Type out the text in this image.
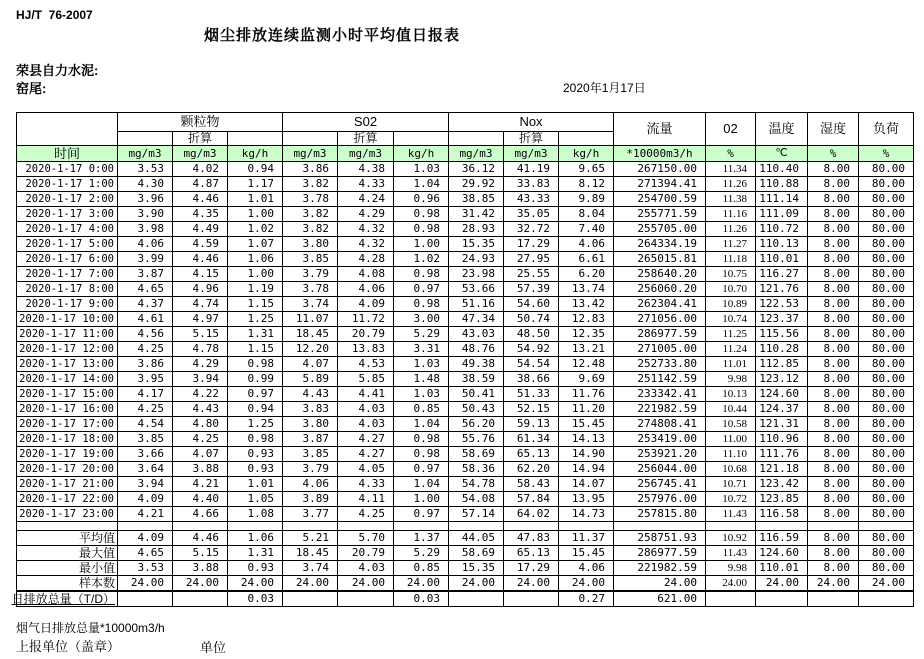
HJ/T  76-2007
烟尘排放连续监测小时平均值日报表
荣县自力水泥:
窑尾:	2020年1月17日
	颗粒物			S02			Nox			流量	02	温度	湿度	负荷
		折算			折算			折算						
时间	mg/m3	mg/m3	kg/h	mg/m3	mg/m3	kg/h	mg/m3	mg/m3	kg/h	*10000m3/h	%	℃	%	%
2020-1-17 0:00	3.53	4.02	0.94	3.86	4.38	1.03	36.12	41.19	9.65	267150.00	11.34	110.40	8.00	80.00
2020-1-17 1:00	4.30	4.87	1.17	3.82	4.33	1.04	29.92	33.83	8.12	271394.41	11.26	110.88	8.00	80.00
2020-1-17 2:00	3.96	4.46	1.01	3.78	4.24	0.96	38.85	43.33	9.89	254700.59	11.38	111.14	8.00	80.00
2020-1-17 3:00	3.90	4.35	1.00	3.82	4.29	0.98	31.42	35.05	8.04	255771.59	11.16	111.09	8.00	80.00
2020-1-17 4:00	3.98	4.49	1.02	3.82	4.32	0.98	28.93	32.72	7.40	255705.00	11.26	110.72	8.00	80.00
2020-1-17 5:00	4.06	4.59	1.07	3.80	4.32	1.00	15.35	17.29	4.06	264334.19	11.27	110.13	8.00	80.00
2020-1-17 6:00	3.99	4.46	1.06	3.85	4.28	1.02	24.93	27.95	6.61	265015.81	11.18	110.01	8.00	80.00
2020-1-17 7:00	3.87	4.15	1.00	3.79	4.08	0.98	23.98	25.55	6.20	258640.20	10.75	116.27	8.00	80.00
2020-1-17 8:00	4.65	4.96	1.19	3.78	4.06	0.97	53.66	57.39	13.74	256060.20	10.70	121.76	8.00	80.00
2020-1-17 9:00	4.37	4.74	1.15	3.74	4.09	0.98	51.16	54.60	13.42	262304.41	10.89	122.53	8.00	80.00
2020-1-17 10:00	4.61	4.97	1.25	11.07	11.72	3.00	47.34	50.74	12.83	271056.00	10.74	123.37	8.00	80.00
2020-1-17 11:00	4.56	5.15	1.31	18.45	20.79	5.29	43.03	48.50	12.35	286977.59	11.25	115.56	8.00	80.00
2020-1-17 12:00	4.25	4.78	1.15	12.20	13.83	3.31	48.76	54.92	13.21	271005.00	11.24	110.28	8.00	80.00
2020-1-17 13:00	3.86	4.29	0.98	4.07	4.53	1.03	49.38	54.54	12.48	252733.80	11.01	112.85	8.00	80.00
2020-1-17 14:00	3.95	3.94	0.99	5.89	5.85	1.48	38.59	38.66	9.69	251142.59	9.98	123.12	8.00	80.00
2020-1-17 15:00	4.17	4.22	0.97	4.43	4.41	1.03	50.41	51.33	11.76	233342.41	10.13	124.60	8.00	80.00
2020-1-17 16:00	4.25	4.43	0.94	3.83	4.03	0.85	50.43	52.15	11.20	221982.59	10.44	124.37	8.00	80.00
2020-1-17 17:00	4.54	4.80	1.25	3.80	4.03	1.04	56.20	59.13	15.45	274808.41	10.58	121.31	8.00	80.00
2020-1-17 18:00	3.85	4.25	0.98	3.87	4.27	0.98	55.76	61.34	14.13	253419.00	11.00	110.96	8.00	80.00
2020-1-17 19:00	3.66	4.07	0.93	3.85	4.27	0.98	58.69	65.13	14.90	253921.20	11.10	111.76	8.00	80.00
2020-1-17 20:00	3.64	3.88	0.93	3.79	4.05	0.97	58.36	62.20	14.94	256044.00	10.68	121.18	8.00	80.00
2020-1-17 21:00	3.94	4.21	1.01	4.06	4.33	1.04	54.78	58.43	14.07	256745.41	10.71	123.42	8.00	80.00
2020-1-17 22:00	4.09	4.40	1.05	3.89	4.11	1.00	54.08	57.84	13.95	257976.00	10.72	123.85	8.00	80.00
2020-1-17 23:00	4.21	4.66	1.08	3.77	4.25	0.97	57.14	64.02	14.73	257815.80	11.43	116.58	8.00	80.00

平均值	4.09	4.46	1.06	5.21	5.70	1.37	44.05	47.83	11.37	258751.93	10.92	116.59	8.00	80.00
最大值	4.65	5.15	1.31	18.45	20.79	5.29	58.69	65.13	15.45	286977.59	11.43	124.60	8.00	80.00
最小值	3.53	3.88	0.93	3.74	4.03	0.85	15.35	17.29	4.06	221982.59	9.98	110.01	8.00	80.00
样本数	24.00	24.00	24.00	24.00	24.00	24.00	24.00	24.00	24.00	24.00	24.00	24.00	24.00	24.00

日排放总量（T/D）			0.03			0.03			0.27	621.00				
烟气日排放总量*10000m3/h
上报单位（盖章）	单位
